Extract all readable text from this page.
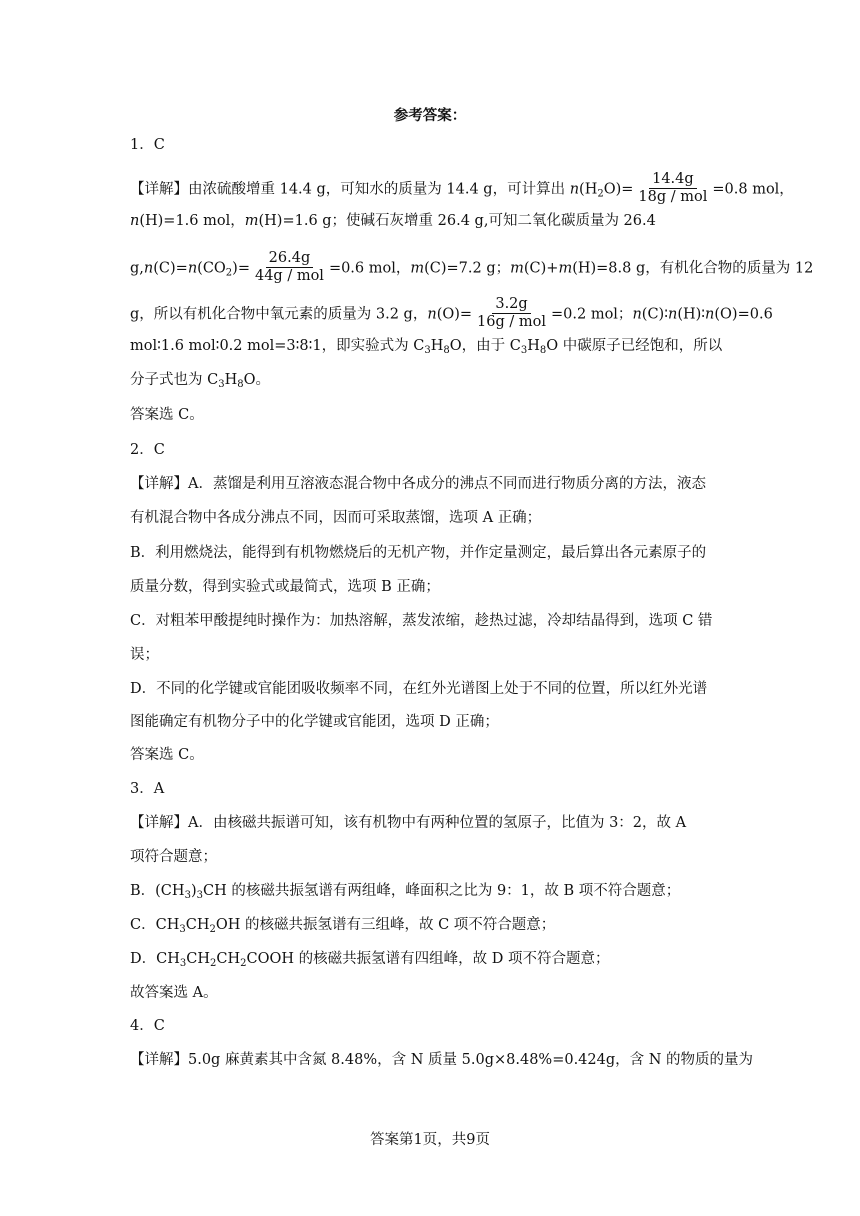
参考答案：
1．C
【详解】由浓硫酸增重 14.4 g，可知水的质量为 14.4 g，可计算出 $n(H_2O)= \frac{14.4g}{\text{18g / mol}} =0.8$ mol，
n(H)=1.6 mol，m(H)=1.6 g；使碱石灰增重 26.4 g,可知二氧化碳质量为 26.4
$g,n(C)=n(CO_2)= \frac{26.4g}{\text{44g / mol}} =0.6$ mol，m(C)=7.2 g；m(C)+m(H)=8.8 g，有机化合物的质量为 12
g，所以有机化合物中氧元素的质量为 3.2 g，$n(O)= \frac{3.2g}{\text{16g / mol}} =0.2$ mol；n(C)∶n(H)∶n(O)=0.6
mol∶1.6 mol∶0.2 mol=3∶8∶1，即实验式为 $C_3H_8O$，由于 $C_3H_8O$ 中碳原子已经饱和，所以
分子式也为 $C_3H_8O$。
答案选 C。
2．C
【详解】A．蒸馏是利用互溶液态混合物中各成分的沸点不同而进行物质分离的方法，液态
有机混合物中各成分沸点不同，因而可采取蒸馏，选项 A 正确；
B．利用燃烧法，能得到有机物燃烧后的无机产物，并作定量测定，最后算出各元素原子的
质量分数，得到实验式或最简式，选项 B 正确；
C．对粗苯甲酸提纯时操作为：加热溶解，蒸发浓缩，趁热过滤，冷却结晶得到，选项 C 错
误；
D．不同的化学键或官能团吸收频率不同，在红外光谱图上处于不同的位置，所以红外光谱
图能确定有机物分子中的化学键或官能团，选项 D 正确；
答案选 C。
3．A
【详解】A．由核磁共振谱可知，该有机物中有两种位置的氢原子，比值为 3：2，故 A
项符合题意；
B．$(CH_3)_3CH$ 的核磁共振氢谱有两组峰，峰面积之比为 9：1，故 B 项不符合题意；
C．$CH_3CH_2OH$ 的核磁共振氢谱有三组峰，故 C 项不符合题意；
D．$CH_3CH_2CH_2COOH$ 的核磁共振氢谱有四组峰，故 D 项不符合题意；
故答案选 A。
4．C
【详解】5.0g 麻黄素其中含氮 8.48%，含 N 质量 5.0g×8.48%=0.424g，含 N 的物质的量为
答案第1页，共9页
